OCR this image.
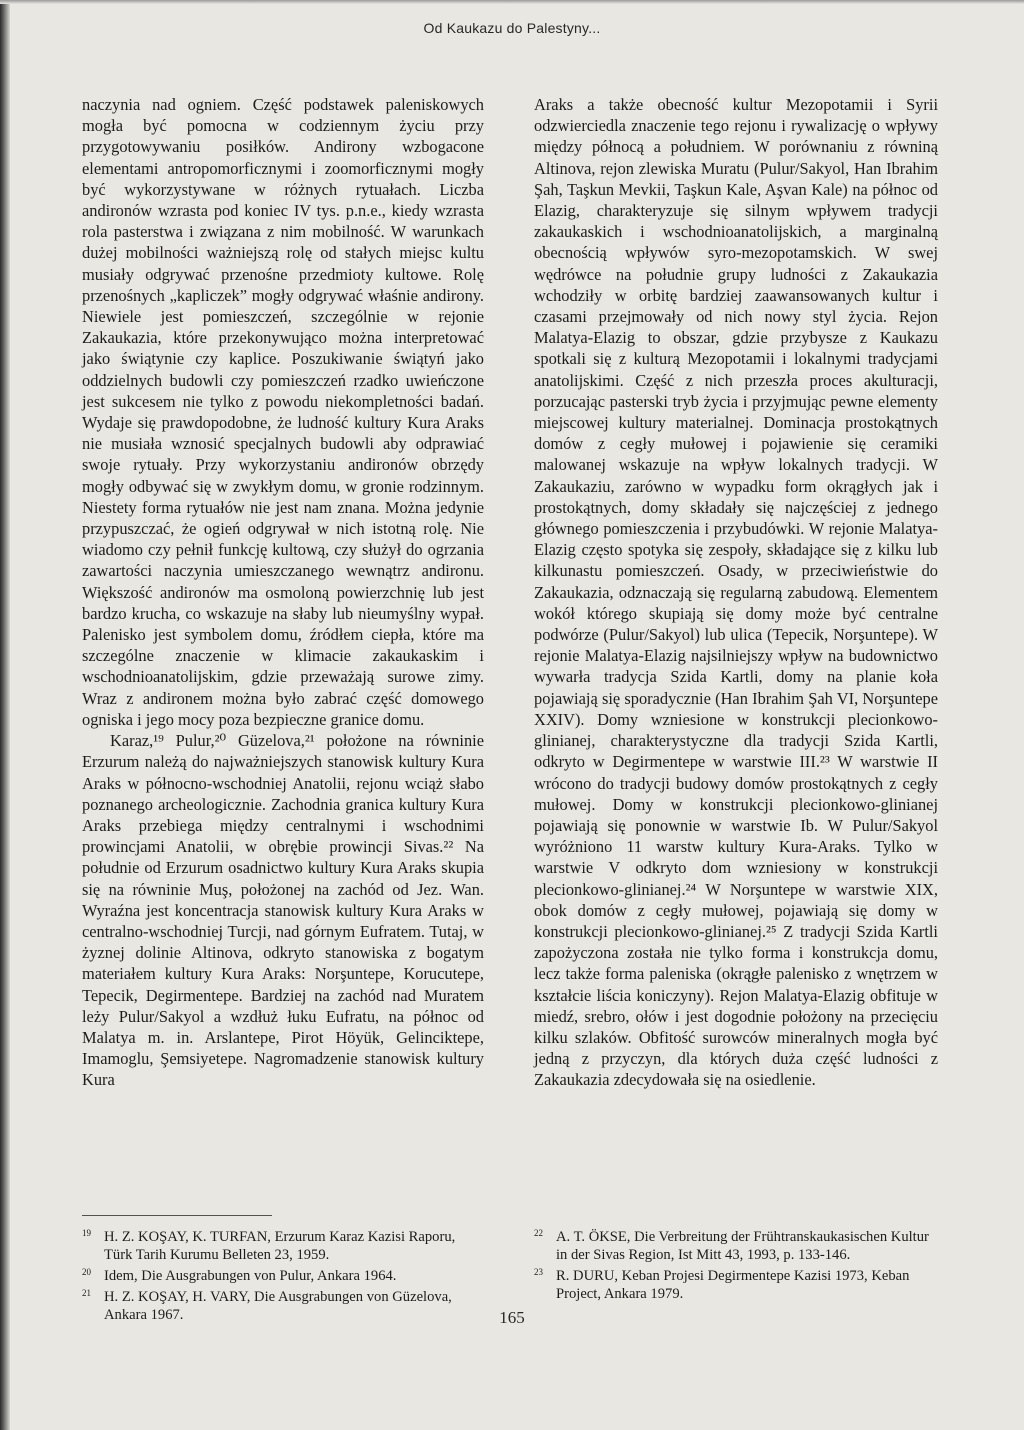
Od Kaukazu do Palestyny...

naczynia nad ogniem. Część podstawek paleniskowych mogła być pomocna w codziennym życiu przy przygotowywaniu posiłków. Andirony wzbogacone elementami antropomorficznymi i zoomorficznymi mogły być wykorzystywane w różnych rytuałach. Liczba andironów wzrasta pod koniec IV tys. p.n.e., kiedy wzrasta rola pasterstwa i związana z nim mobilność. W warunkach dużej mobilności ważniejszą rolę od stałych miejsc kultu musiały odgrywać przenośne przedmioty kultowe. Rolę przenośnych „kapliczek” mogły odgrywać właśnie andirony. Niewiele jest pomieszczeń, szczególnie w rejonie Zakaukazia, które przekonywująco można interpretować jako świątynie czy kaplice. Poszukiwanie świątyń jako oddzielnych budowli czy pomieszczeń rzadko uwieńczone jest sukcesem nie tylko z powodu niekompletności badań. Wydaje się prawdopodobne, że ludność kultury Kura Araks nie musiała wznosić specjalnych budowli aby odprawiać swoje rytuały. Przy wykorzystaniu andironów obrzędy mogły odbywać się w zwykłym domu, w gronie rodzinnym. Niestety forma rytuałów nie jest nam znana. Można jedynie przypuszczać, że ogień odgrywał w nich istotną rolę. Nie wiadomo czy pełnił funkcję kultową, czy służył do ogrzania zawartości naczynia umieszczanego wewnątrz andironu. Większość andironów ma osmoloną powierzchnię lub jest bardzo krucha, co wskazuje na słaby lub nieumyślny wypał. Palenisko jest symbolem domu, źródłem ciepła, które ma szczególne znaczenie w klimacie zakaukaskim i wschodnioanatolijskim, gdzie przeważają surowe zimy. Wraz z andironem można było zabrać część domowego ogniska i jego mocy poza bezpieczne granice domu.

Karaz,¹⁹ Pulur,²⁰ Güzelova,²¹ położone na równinie Erzurum należą do najważniejszych stanowisk kultury Kura Araks w północno-wschodniej Anatolii, rejonu wciąż słabo poznanego archeologicznie. Zachodnia granica kultury Kura Araks przebiega między centralnymi i wschodnimi prowincjami Anatolii, w obrębie prowincji Sivas.²² Na południe od Erzurum osadnictwo kultury Kura Araks skupia się na równinie Muş, położonej na zachód od Jez. Wan. Wyraźna jest koncentracja stanowisk kultury Kura Araks w centralno-wschodniej Turcji, nad górnym Eufratem. Tutaj, w żyznej dolinie Altinova, odkryto stanowiska z bogatym materiałem kultury Kura Araks: Norşuntepe, Korucutepe, Tepecik, Degirmentepe. Bardziej na zachód nad Muratem leży Pulur/Sakyol a wzdłuż łuku Eufratu, na północ od Malatya m. in. Arslantepe, Pirot Höyük, Gelinciktepe, Imamoglu, Şemsiyetepe. Nagromadzenie stanowisk kultury Kura

Araks a także obecność kultur Mezopotamii i Syrii odzwierciedla znaczenie tego rejonu i rywalizację o wpływy między północą a południem. W porównaniu z równiną Altinova, rejon zlewiska Muratu (Pulur/Sakyol, Han Ibrahim Şah, Taşkun Mevkii, Taşkun Kale, Aşvan Kale) na północ od Elazig, charakteryzuje się silnym wpływem tradycji zakaukaskich i wschodnioanatolijskich, a marginalną obecnością wpływów syro-mezopotamskich. W swej wędrówce na południe grupy ludności z Zakaukazia wchodziły w orbitę bardziej zaawansowanych kultur i czasami przejmowały od nich nowy styl życia. Rejon Malatya-Elazig to obszar, gdzie przybysze z Kaukazu spotkali się z kulturą Mezopotamii i lokalnymi tradycjami anatolijskimi. Część z nich przeszła proces akulturacji, porzucając pasterski tryb życia i przyjmując pewne elementy miejscowej kultury materialnej. Dominacja prostokątnych domów z cegły mułowej i pojawienie się ceramiki malowanej wskazuje na wpływ lokalnych tradycji. W Zakaukaziu, zarówno w wypadku form okrągłych jak i prostokątnych, domy składały się najczęściej z jednego głównego pomieszczenia i przybudówki. W rejonie Malatya-Elazig często spotyka się zespoły, składające się z kilku lub kilkunastu pomieszczeń. Osady, w przeciwieństwie do Zakaukazia, odznaczają się regularną zabudową. Elementem wokół którego skupiają się domy może być centralne podwórze (Pulur/Sakyol) lub ulica (Tepecik, Norşuntepe). W rejonie Malatya-Elazig najsilniejszy wpływ na budownictwo wywarła tradycja Szida Kartli, domy na planie koła pojawiają się sporadycznie (Han Ibrahim Şah VI, Norşuntepe XXIV). Domy wzniesione w konstrukcji plecionkowo-glinianej, charakterystyczne dla tradycji Szida Kartli, odkryto w Degirmentepe w warstwie III.²³ W warstwie II wrócono do tradycji budowy domów prostokątnych z cegły mułowej. Domy w konstrukcji plecionkowo-glinianej pojawiają się ponownie w warstwie Ib. W Pulur/Sakyol wyróżniono 11 warstw kultury Kura-Araks. Tylko w warstwie V odkryto dom wzniesiony w konstrukcji plecionkowo-glinianej.²⁴ W Norşuntepe w warstwie XIX, obok domów z cegły mułowej, pojawiają się domy w konstrukcji plecionkowo-glinianej.²⁵ Z tradycji Szida Kartli zapożyczona została nie tylko forma i konstrukcja domu, lecz także forma paleniska (okrągłe palenisko z wnętrzem w kształcie liścia koniczyny). Rejon Malatya-Elazig obfituje w miedź, srebro, ołów i jest dogodnie położony na przecięciu kilku szlaków. Obfitość surowców mineralnych mogła być jedną z przyczyn, dla których duża część ludności z Zakaukazia zdecydowała się na osiedlenie.

19 H. Z. KOŞAY, K. TURFAN, Erzurum Karaz Kazisi Raporu, Türk Tarih Kurumu Belleten 23, 1959.
20 Idem, Die Ausgrabungen von Pulur, Ankara 1964.
21 H. Z. KOŞAY, H. VARY, Die Ausgrabungen von Güzelova, Ankara 1967.
22 A. T. ÖKSE, Die Verbreitung der Frühtranskaukasischen Kultur in der Sivas Region, Ist Mitt 43, 1993, p. 133-146.
23 R. DURU, Keban Projesi Degirmentepe Kazisi 1973, Keban Project, Ankara 1979.
165
